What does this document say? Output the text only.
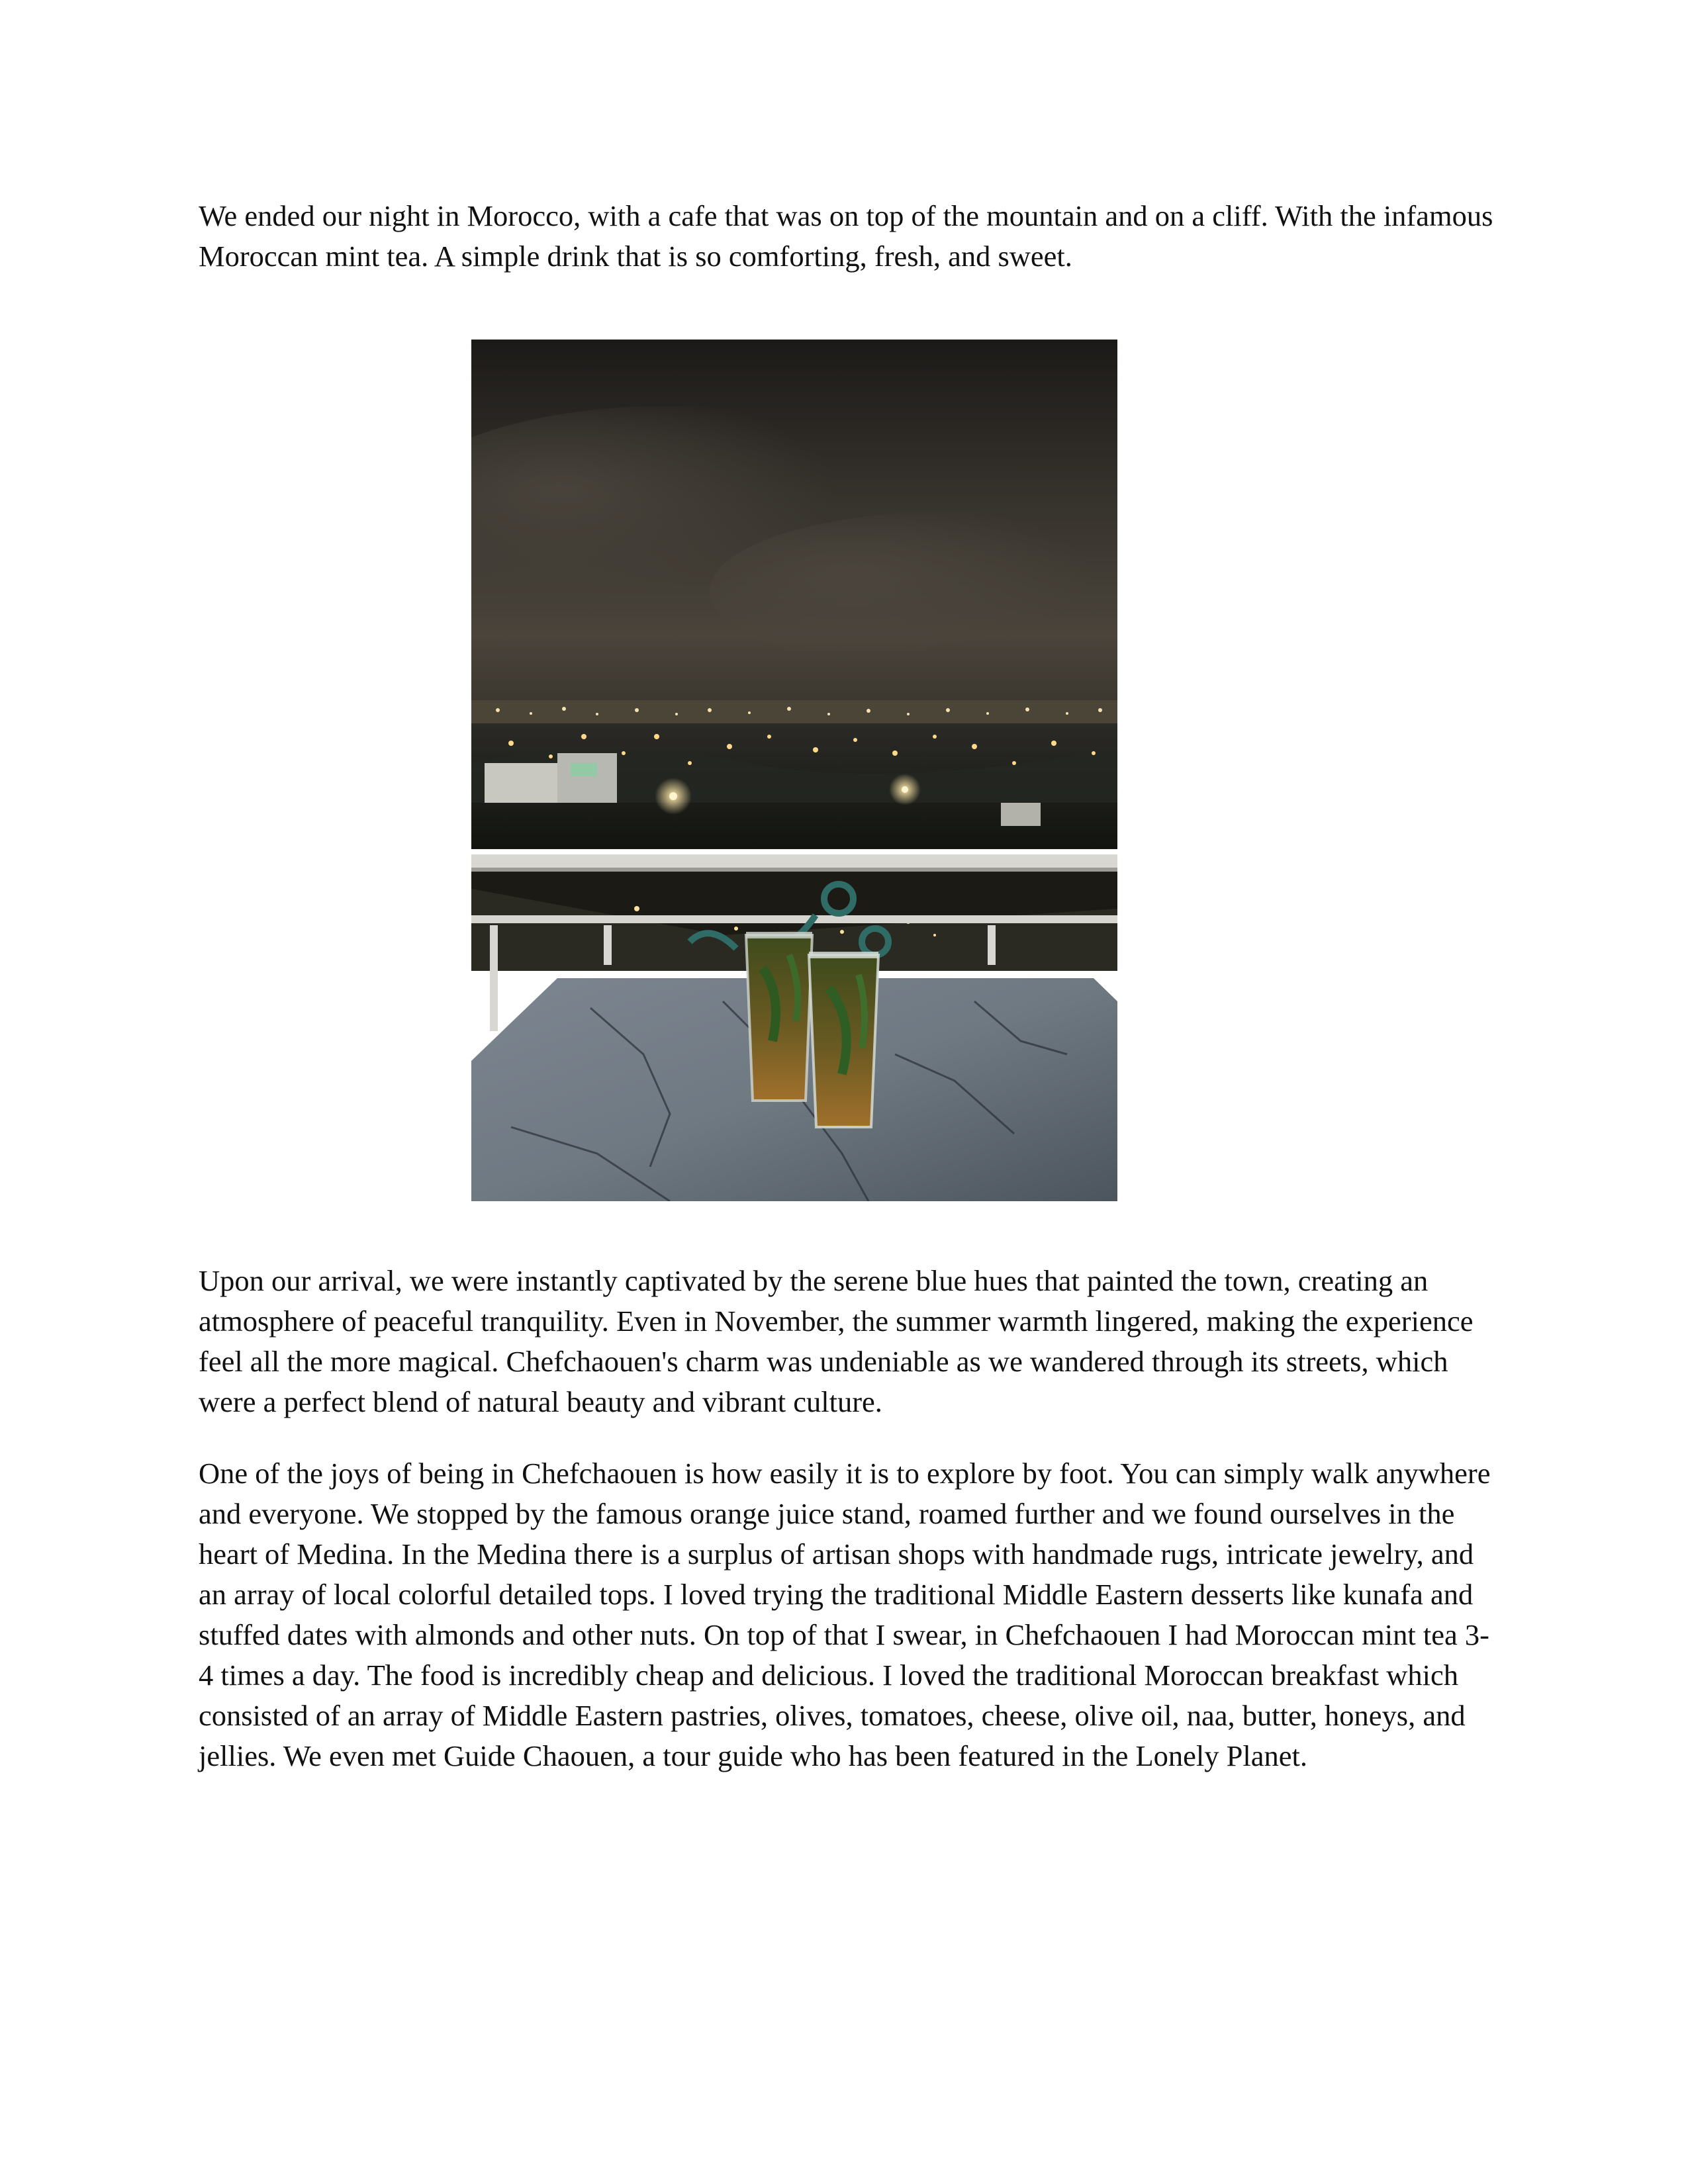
We ended our night in Morocco, with a cafe that was on top of the mountain and on a cliff. With the infamous Moroccan mint tea. A simple drink that is so comforting, fresh, and sweet.

Upon our arrival, we were instantly captivated by the serene blue hues that painted the town, creating an atmosphere of peaceful tranquility. Even in November, the summer warmth lingered, making the experience feel all the more magical. Chefchaouen's charm was undeniable as we wandered through its streets, which were a perfect blend of natural beauty and vibrant culture.

One of the joys of being in Chefchaouen is how easily it is to explore by foot. You can simply walk anywhere and everyone. We stopped by the famous orange juice stand, roamed further and we found ourselves in the heart of Medina. In the Medina there is a surplus of artisan shops with handmade rugs, intricate jewelry, and an array of local colorful detailed tops. I loved trying the traditional Middle Eastern desserts like kunafa and stuffed dates with almonds and other nuts. On top of that I swear, in Chefchaouen I had Moroccan mint tea 3-4 times a day. The food is incredibly cheap and delicious. I loved the traditional Moroccan breakfast which consisted of an array of Middle Eastern pastries, olives, tomatoes, cheese, olive oil, naa, butter, honeys, and jellies. We even met Guide Chaouen, a tour guide who has been featured in the Lonely Planet.
